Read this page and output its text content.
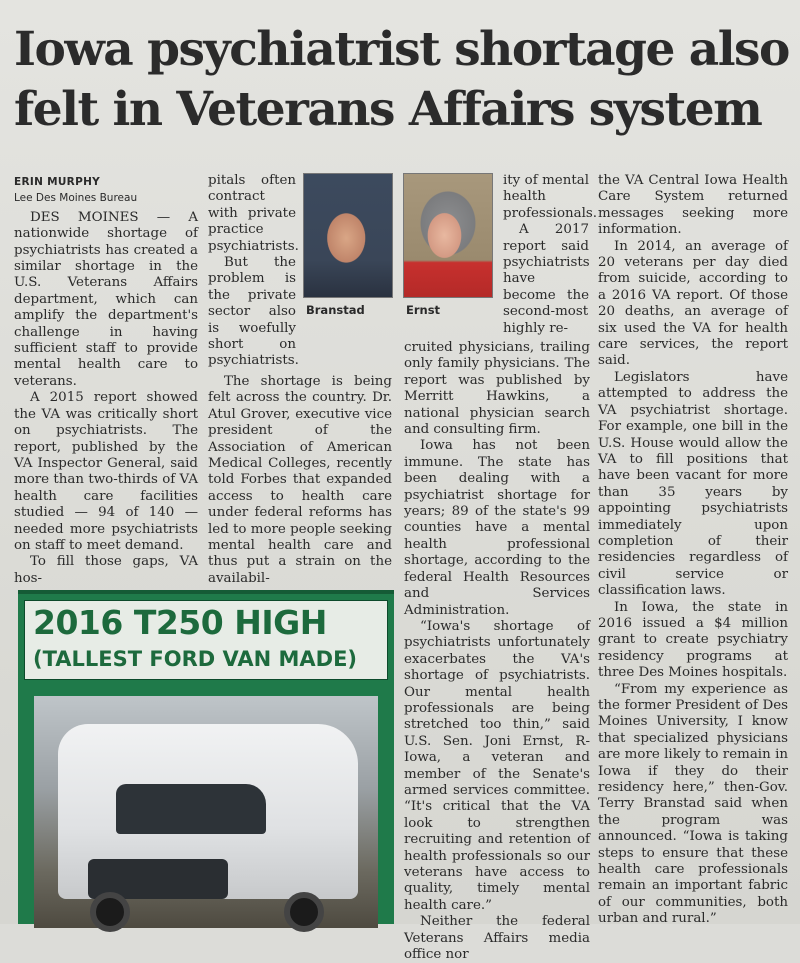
Iowa psychiatrist shortage also felt in Veterans Affairs system
ERIN MURPHY
Lee Des Moines Bureau

DES MOINES — A nationwide shortage of psychiatrists has created a similar shortage in the U.S. Veterans Affairs department, which can amplify the department's challenge in having sufficient staff to provide mental health care to veterans.

A 2015 report showed the VA was critically short on psychiatrists. The report, published by the VA Inspector General, said more than two-thirds of VA health care facilities studied — 94 of 140 — needed more psychiatrists on staff to meet demand.

To fill those gaps, VA hos-

pitals often contract with private practice psychiatrists.

But the problem is the private sector also is woefully short on psychiatrists.

The shortage is being felt across the country. Dr. Atul Grover, executive vice president of the Association of American Medical Colleges, recently told Forbes that expanded access to health care under federal reforms has led to more people seeking mental health care and thus put a strain on the availabil-

Branstad	Ernst

ity of mental health professionals.

A 2017 report said psychiatrists have become the second-most highly re-

cruited physicians, trailing only family physicians. The report was published by Merritt Hawkins, a national physician search and consulting firm.

Iowa has not been immune. The state has been dealing with a psychiatrist shortage for years; 89 of the state's 99 counties have a mental health professional shortage, according to the federal Health Resources and Services Administration.

“Iowa's shortage of psychiatrists unfortunately exacerbates the VA's shortage of psychiatrists. Our mental health professionals are being stretched too thin,” said U.S. Sen. Joni Ernst, R-Iowa, a veteran and member of the Senate's armed services committee. “It's critical that the VA look to strengthen recruiting and retention of health professionals so our veterans have access to quality, timely mental health care.”

Neither the federal Veterans Affairs media office nor

the VA Central Iowa Health Care System returned messages seeking more information.

In 2014, an average of 20 veterans per day died from suicide, according to a 2016 VA report. Of those 20 deaths, an average of six used the VA for health care services, the report said.

Legislators have attempted to address the VA psychiatrist shortage. For example, one bill in the U.S. House would allow the VA to fill positions that have been vacant for more than 35 years by appointing psychiatrists immediately upon completion of their residencies regardless of civil service or classification laws.

In Iowa, the state in 2016 issued a $4 million grant to create psychiatry residency programs at three Des Moines hospitals.

“From my experience as the former President of Des Moines University, I know that specialized physicians are more likely to remain in Iowa if they do their residency here,” then-Gov. Terry Branstad said when the program was announced. “Iowa is taking steps to ensure that these health care professionals remain an important fabric of our communities, both urban and rural.”

2016 T250 HIGH
(TALLEST FORD VAN MADE)
